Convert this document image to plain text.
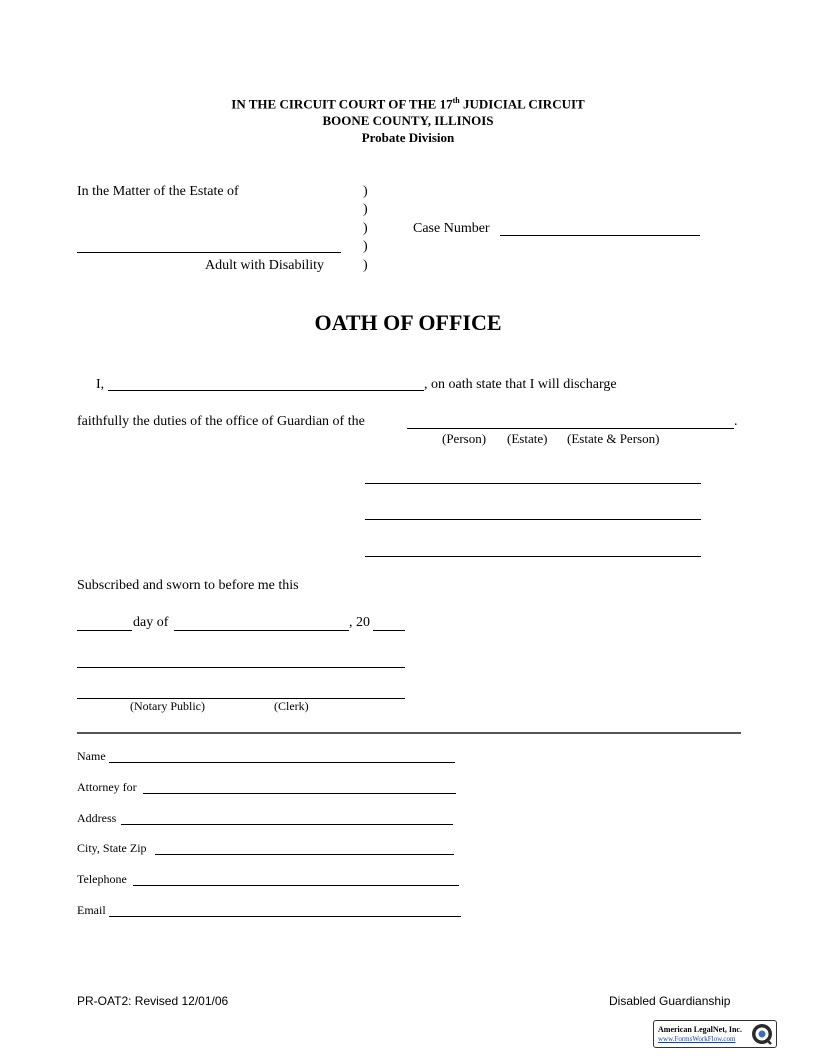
IN THE CIRCUIT COURT OF THE 17th JUDICIAL CIRCUIT
BOONE COUNTY, ILLINOIS
Probate Division
In the Matter of the Estate of	)
)
)
)
)
Adult with Disability
Case Number
OATH OF OFFICE
I,	, on oath state that I will discharge
faithfully the duties of the office of Guardian of the	.
(Person) (Estate) (Estate & Person)
Subscribed and sworn to before me this
day of	, 20
(Notary Public)	(Clerk)
Name
Attorney for
Address
City, State Zip
Telephone
Email
PR-OAT2: Revised 12/01/06	Disabled Guardianship
American LegalNet, Inc.
www.FormsWorkFlow.com
